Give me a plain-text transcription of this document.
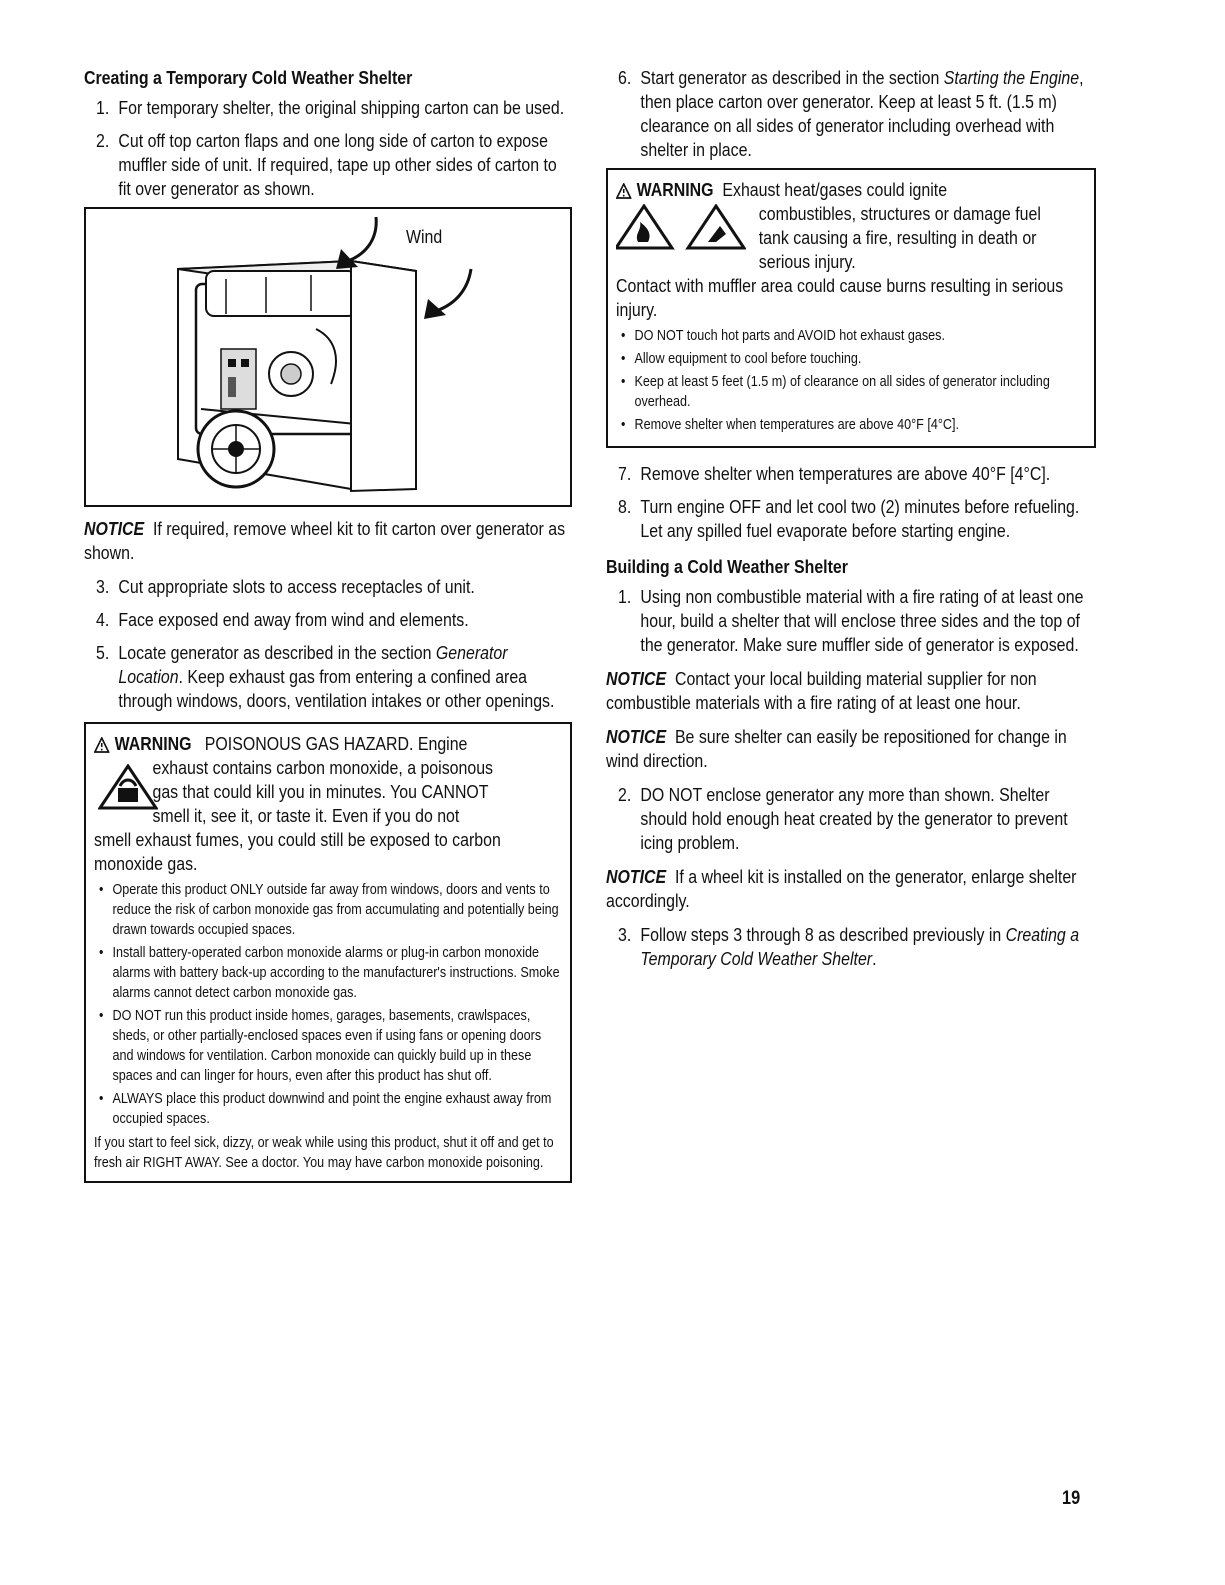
Creating a Temporary Cold Weather Shelter
1. For temporary shelter, the original shipping carton can be used.
2. Cut off top carton flaps and one long side of carton to expose muffler side of unit. If required, tape up other sides of carton to fit over generator as shown.
Wind
NOTICE If required, remove wheel kit to fit carton over generator as shown.
3. Cut appropriate slots to access receptacles of unit.
4. Face exposed end away from wind and elements.
5. Locate generator as described in the section Generator Location. Keep exhaust gas from entering a confined area through windows, doors, ventilation intakes or other openings.
WARNING POISONOUS GAS HAZARD. Engine
exhaust contains carbon monoxide, a poisonous
gas that could kill you in minutes. You CANNOT
smell it, see it, or taste it. Even if you do not
smell exhaust fumes, you could still be exposed to carbon monoxide gas.
• Operate this product ONLY outside far away from windows, doors and vents to reduce the risk of carbon monoxide gas from accumulating and potentially being drawn towards occupied spaces.
• Install battery-operated carbon monoxide alarms or plug-in carbon monoxide alarms with battery back-up according to the manufacturer's instructions. Smoke alarms cannot detect carbon monoxide gas.
• DO NOT run this product inside homes, garages, basements, crawlspaces, sheds, or other partially-enclosed spaces even if using fans or opening doors and windows for ventilation. Carbon monoxide can quickly build up in these spaces and can linger for hours, even after this product has shut off.
• ALWAYS place this product downwind and point the engine exhaust away from occupied spaces.
If you start to feel sick, dizzy, or weak while using this product, shut it off and get to fresh air RIGHT AWAY. See a doctor. You may have carbon monoxide poisoning.
6. Start generator as described in the section Starting the Engine, then place carton over generator. Keep at least 5 ft. (1.5 m) clearance on all sides of generator including overhead with shelter in place.
WARNING Exhaust heat/gases could ignite
combustibles, structures or damage fuel
tank causing a fire, resulting in death or
serious injury.
Contact with muffler area could cause burns resulting in serious injury.
• DO NOT touch hot parts and AVOID hot exhaust gases.
• Allow equipment to cool before touching.
• Keep at least 5 feet (1.5 m) of clearance on all sides of generator including overhead.
• Remove shelter when temperatures are above 40°F [4°C].
7. Remove shelter when temperatures are above 40°F [4°C].
8. Turn engine OFF and let cool two (2) minutes before refueling. Let any spilled fuel evaporate before starting engine.
Building a Cold Weather Shelter
1. Using non combustible material with a fire rating of at least one hour, build a shelter that will enclose three sides and the top of the generator. Make sure muffler side of generator is exposed.
NOTICE Contact your local building material supplier for non combustible materials with a fire rating of at least one hour.
NOTICE Be sure shelter can easily be repositioned for change in wind direction.
2. DO NOT enclose generator any more than shown. Shelter should hold enough heat created by the generator to prevent icing problem.
NOTICE If a wheel kit is installed on the generator, enlarge shelter accordingly.
3. Follow steps 3 through 8 as described previously in Creating a Temporary Cold Weather Shelter.
19
